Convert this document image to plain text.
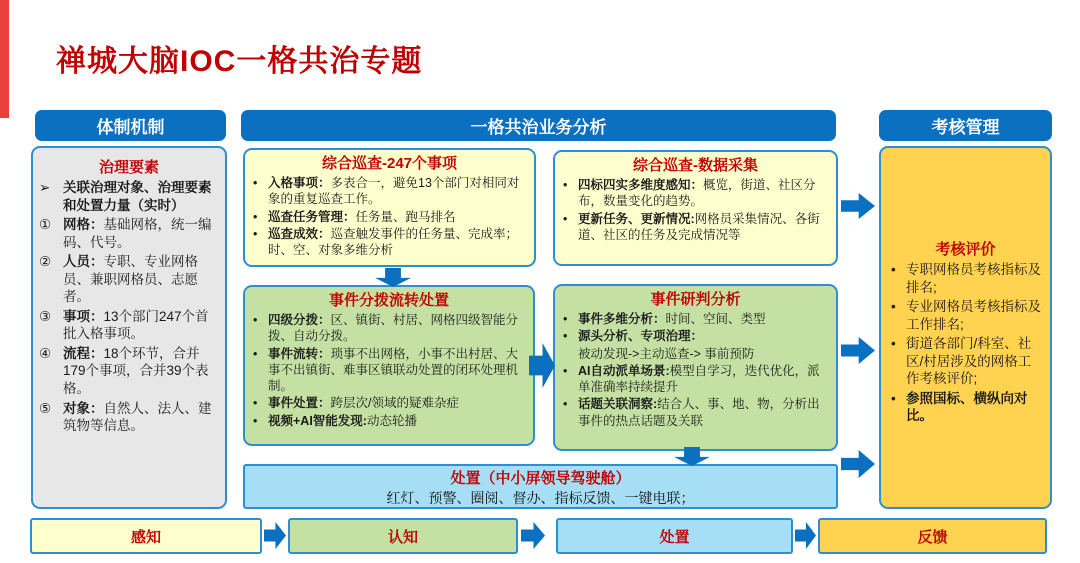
禅城大脑IOC一格共治专题
体制机制	一格共治业务分析	考核管理
治理要素
➢ 关联治理对象、治理要素和处置力量（实时）
① 网格：基础网格，统一编码、代号。
② 人员：专职、专业网格员、兼职网格员、志愿者。
③ 事项：13个部门247个首批入格事项。
④ 流程：18个环节，合并179个事项，合并39个表格。
⑤ 对象：自然人、法人、建筑物等信息。
综合巡查-247个事项
• 入格事项：多表合一，避免13个部门对相同对象的重复巡查工作。
• 巡查任务管理：任务量、跑马排名
• 巡查成效：巡查触发事件的任务量、完成率；时、空、对象多维分析
综合巡查-数据采集
• 四标四实多维度感知：概览，街道、社区分布，数量变化的趋势。
• 更新任务、更新情况:网格员采集情况、各街道、社区的任务及完成情况等
事件分拨流转处置
• 四级分拨：区、镇街、村居、网格四级智能分拨、自动分拨。
• 事件流转：琐事不出网格，小事不出村居、大事不出镇街、难事区镇联动处置的闭环处理机制。
• 事件处置：跨层次/领域的疑难杂症
• 视频+AI智能发现:动态轮播
事件研判分析
• 事件多维分析：时间、空间、类型
• 源头分析、专项治理：
被动发现->主动巡查-> 事前预防
• AI自动派单场景:模型自学习，迭代优化，派单准确率持续提升
• 话题关联洞察:结合人、事、地、物，分析出事件的热点话题及关联
处置（中小屏领导驾驶舱）
红灯、预警、圈阅、督办、指标反馈、一键电联；
考核评价
• 专职网格员考核指标及排名;
• 专业网格员考核指标及工作排名;
• 街道各部门/科室、社区/村居涉及的网格工作考核评价;
• 参照国标、横纵向对比。
感知	认知	处置	反馈
